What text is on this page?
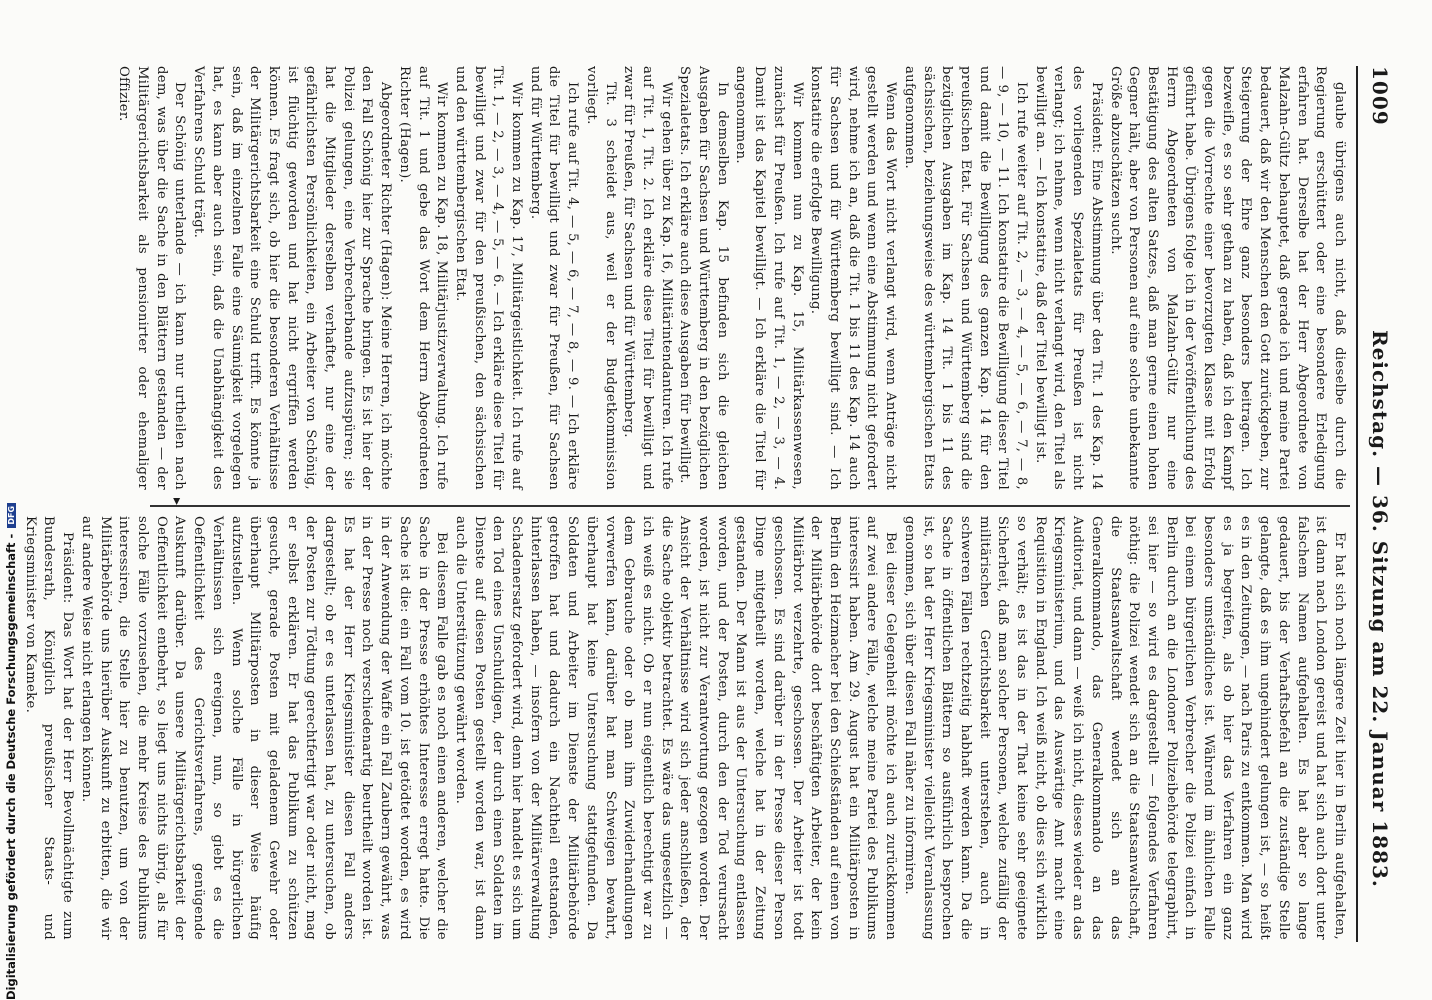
1009
Reichstag. — 36. Sitzung am 22. Januar 1883.
▸

glaube übrigens auch nicht, daß dieselbe durch die Regierung erschüttert oder eine besondere Erledigung erfahren hat. Derselbe hat der Herr Abgeordnete von Malzahn-Gültz behauptet, daß gerade ich und meine Partei bedauert, daß wir den Menschen den Gott zurückgeben, zur Steigerung der Ehre ganz besonders beitragen. Ich bezweifle, es so sehr gethan zu haben, daß ich den Kampf gegen die Vorrechte einer bevorzugten Klasse mit Erfolg geführt habe. Übrigens folge ich in der Veröffentlichung des Herrn Abgeordneten von Malzahn-Gültz nur eine Bestätigung des alten Satzes, daß man gerne einen hohen Gegner hält, aber von Personen auf eine solche unbekannte Größe abzuschätzen sucht.

Präsident: Eine Abstimmung über den Tit. 1 des Kap. 14 des vorliegenden Spezialetats für Preußen ist nicht verlangt; ich nehme, wenn nicht verlangt wird, den Titel als bewilligt an. — Ich konstatire, daß der Titel bewilligt ist.

Ich rufe weiter auf Tit. 2, — 3, — 4, — 5, — 6, — 7, — 8, — 9, — 10, — 11. Ich konstatire die Bewilligung dieser Titel und damit die Bewilligung des ganzen Kap. 14 für den preußischen Etat. Für Sachsen und Württemberg sind die bezüglichen Ausgaben im Kap. 14 Tit. 1 bis 11 des sächsischen, beziehungsweise des württembergischen Etats aufgenommen.

Wenn das Wort nicht verlangt wird, wenn Anträge nicht gestellt werden und wenn eine Abstimmung nicht gefordert wird, nehme ich an, daß die Tit. 1 bis 11 des Kap. 14 auch für Sachsen und für Württemberg bewilligt sind. — Ich konstatire die erfolgte Bewilligung.

Wir kommen nun zu Kap. 15, Militärkassenwesen, zunächst für Preußen. Ich rufe auf Tit. 1, — 2, — 3, — 4. Damit ist das Kapitel bewilligt. — Ich erkläre die Titel für angenommen.

In demselben Kap. 15 befinden sich die gleichen Ausgaben für Sachsen und Württemberg in den bezüglichen Spezialetats. Ich erkläre auch diese Ausgaben für bewilligt.

Wir gehen über zu Kap. 16, Militärintendanturen. Ich rufe auf Tit. 1, Tit. 2. Ich erkläre diese Titel für bewilligt und zwar für Preußen, für Sachsen und für Württemberg.

Tit. 3 scheidet aus, weil er der Budgetkommission vorliegt.

Ich rufe auf Tit. 4, — 5, — 6, — 7, — 8, — 9. — Ich erkläre die Titel für bewilligt und zwar für Preußen, für Sachsen und für Württemberg.

Wir kommen zu Kap. 17, Militärgeistlichkeit. Ich rufe auf Tit. 1, — 2, — 3, — 4, — 5, — 6. — Ich erkläre diese Titel für bewilligt und zwar für den preußischen, den sächsischen und den württembergischen Etat.

Wir kommen zu Kap. 18, Militärjustizverwaltung. Ich rufe auf Tit. 1 und gebe das Wort dem Herrn Abgeordneten Richter (Hagen).

Abgeordneter Richter (Hagen): Meine Herren, ich möchte den Fall Schönig hier zur Sprache bringen. Es ist hier der Polizei gelungen, eine Verbrecherbande aufzuspüren; sie hat die Mitglieder derselben verhaftet, nur eine der gefährlichsten Persönlichkeiten, ein Arbeiter von Schönig, ist flüchtig geworden und hat nicht ergriffen werden können. Es fragt sich, ob hier die besonderen Verhältnisse der Militärgerichtsbarkeit eine Schuld trifft. Es könnte ja sein, daß im einzelnen Falle eine Säumigkeit vorgelegen hat, es kann aber auch sein, daß die Unabhängigkeit des Verfahrens Schuld trägt.

Der Schönig unterlande — ich kann nur urtheilen nach dem, was über die Sache in den Blättern gestanden — der Militärgerichtsbarkeit als pensionirter oder ehemaliger Offizier.

Er hat sich noch längere Zeit hier in Berlin aufgehalten, ist dann nach London gereist und hat sich auch dort unter falschem Namen aufgehalten. Es hat aber so lange gedauert, bis der Verhaftsbefehl an die zuständige Stelle gelangte, daß es ihm ungehindert gelungen ist, — so heißt es in den Zeitungen, — nach Paris zu entkommen. Man wird es ja begreifen, als ob hier das Verfahren ein ganz besonders umständliches ist. Während im ähnlichen Falle bei einem bürgerlichen Verbrecher die Polizei einfach in Berlin durch an die Londoner Polizeibehörde telegraphirt, sei hier — so wird es dargestellt — folgendes Verfahren nöthig: die Polizei wendet sich an die Staatsanwaltschaft, die Staatsanwaltschaft wendet sich an das Generalkommando, das Generalkommando an das Auditoriat, und dann — weiß ich nicht, dieses wieder an das Kriegsministerium, und das Auswärtige Amt macht eine Requisition in England. Ich weiß nicht, ob dies sich wirklich so verhält; es ist das in der That keine sehr geeignete Sicherheit, daß man solcher Personen, welche zufällig der militärischen Gerichtsbarkeit unterstehen, auch in schweren Fällen rechtzeitig habhaft werden kann. Da die Sache in öffentlichen Blättern so ausführlich besprochen ist, so hat der Herr Kriegsminister vielleicht Veranlassung genommen, sich über diesen Fall näher zu informiren.

Bei dieser Gelegenheit möchte ich auch zurückkommen auf zwei andere Fälle, welche meine Partei des Publikums interessirt haben. Am 29. August hat ein Militärposten in Berlin den Heizmacher bei den Schießständen auf einen von der Militärbehörde dort beschäftigten Arbeiter, der kein Militärbrot verzehrte, geschossen. Der Arbeiter ist todt geschossen. Es sind darüber in der Presse dieser Person Dinge mitgetheilt worden, welche hat in der Zeitung gestanden. Der Mann ist aus der Untersuchung entlassen worden, und der Posten, durch den der Tod verursacht worden, ist nicht zur Verantwortung gezogen worden. Der Ansicht der Verhältnisse wird sich jeder anschließen, der die Sache objektiv betrachtet. Es wäre das ungesetzlich — ich weiß es nicht. Ob er nun eigentlich berechtigt war zu dem Gebrauche oder ob man ihm Zuwiderhandlungen vorwerfen kann, darüber hat man Schweigen bewahrt, überhaupt hat keine Untersuchung stattgefunden. Da Soldaten und Arbeiter im Dienste der Militärbehörde getroffen hat und dadurch ein Nachtheil entstanden, hinterlassen haben, — insofern von der Militärverwaltung Schadenersatz gefordert wird, denn hier handelt es sich um den Tod eines Unschuldigen, der durch einen Soldaten im Dienste auf diesen Posten gestellt worden war, ist dann auch die Unterstützung gewährt worden.

Bei diesem Falle gab es noch einen anderen, welcher die Sache in der Presse erhöhtes Interesse erregt hatte. Die Sache ist die: ein Fall vom 10. ist getödtet worden, es wird in der Anwendung der Waffe ein Fall Zaubern gewährt, was in der Presse noch verschiedenartig beurtheilt worden ist. Es hat der Herr Kriegsminister diesen Fall anders dargestellt; ob er es unterlassen hat, zu untersuchen, ob der Posten zur Tödtung gerechtfertigt war oder nicht, mag er selbst erklären. Er hat das Publikum zu schützen gesucht, gerade Posten mit geladenem Gewehr oder überhaupt Militärposten in dieser Weise häufig aufzustellen. Wenn solche Fälle in bürgerlichen Verhältnissen sich ereignen, nun, so giebt es die Oeffentlichkeit des Gerichtsverfahrens, genügende Auskunft darüber. Da unsere Militärgerichtsbarkeit der Oeffentlichkeit entbehrt, so liegt uns nichts übrig, als für solche Fälle vorzusehen, die mehr Kreise des Publikums interessiren, die Stelle hier zu benutzen, um von der Militärbehörde uns hierüber Auskunft zu erbitten, die wir auf andere Weise nicht erlangen können.

Präsident: Das Wort hat der Herr Bevollmächtigte zum Bundesrath, Königlich preußischer Staats- und Kriegsminister von Kameke.

Digitalisierung gefördert durch die Deutsche Forschungsgemeinschaft -DFG
